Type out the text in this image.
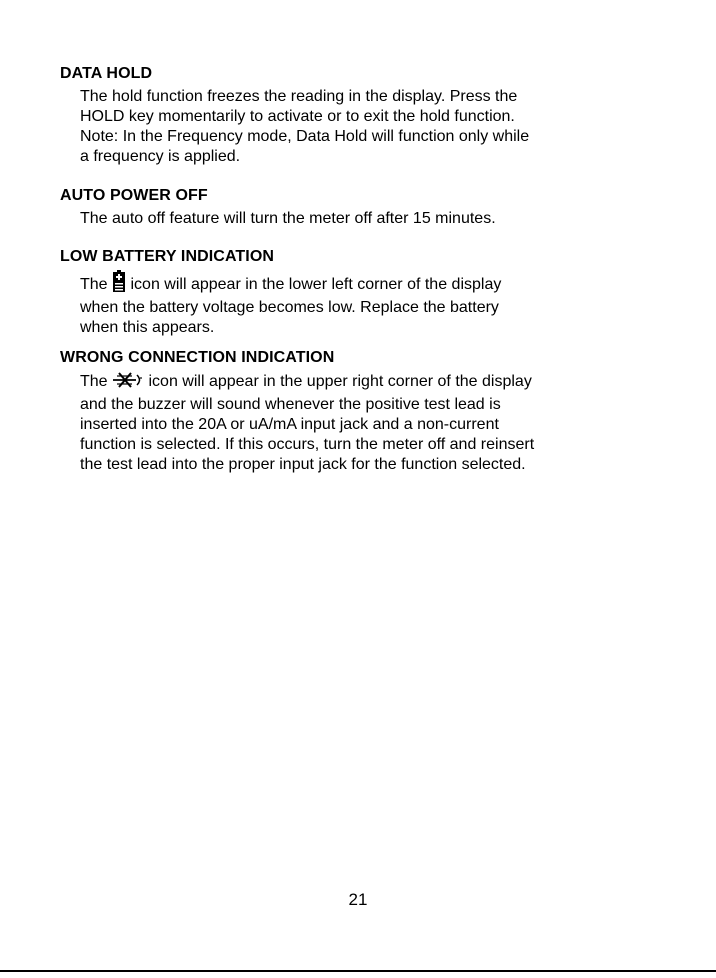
DATA HOLD
The hold function freezes the reading in the display. Press the
HOLD key momentarily to activate or to exit the hold function.
Note: In the Frequency mode, Data Hold will function only while
a frequency is applied.
AUTO POWER OFF
The auto off feature will turn the meter off after 15 minutes.
LOW BATTERY INDICATION
The icon will appear in the lower left corner of the display
when the battery voltage becomes low. Replace the battery
when this appears.
WRONG CONNECTION INDICATION
The	icon will appear in the upper right corner of the display
and the buzzer will sound whenever the positive test lead is
inserted into the 20A or uA/mA input jack and a non-current
function is selected. If this occurs, turn the meter off and reinsert
the test lead into the proper input jack for the function selected.
21
